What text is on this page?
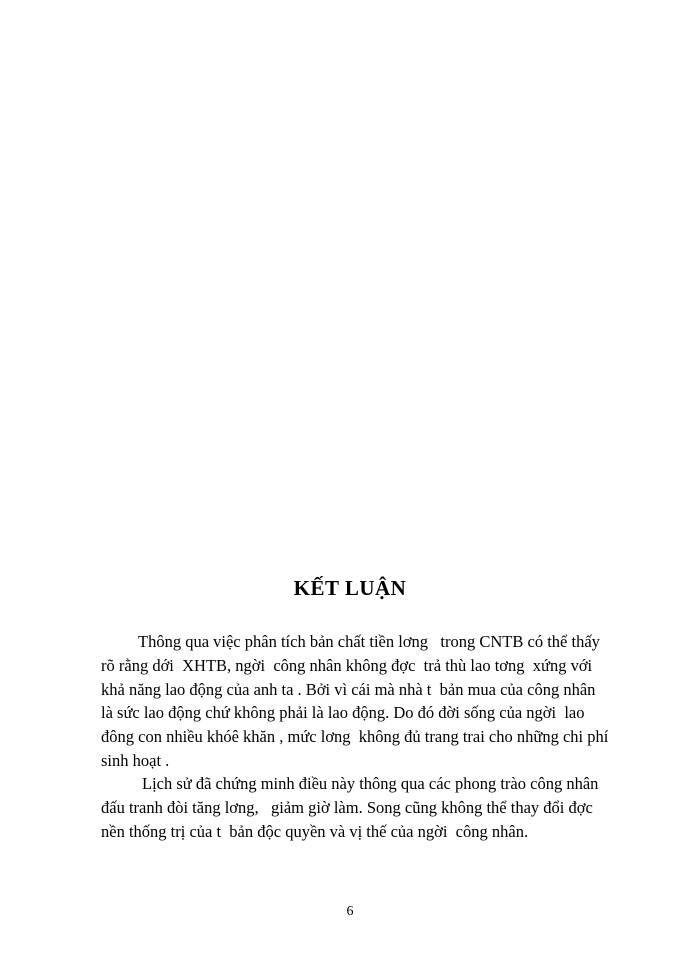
KẾT LUẬN
Thông qua việc phân tích bản chất tiền lơng   trong CNTB có thể thấy
rõ rằng dới  XHTB, ngời  công nhân không đợc  trả thù lao tơng  xứng với
khả năng lao động của anh ta . Bởi vì cái mà nhà t  bản mua của công nhân
là sức lao động chứ không phải là lao động. Do đó đời sống của ngời  lao
đông con nhiều khóê khăn , mức lơng  không đủ trang trai cho những chi phí
sinh hoạt .
Lịch sử đã chứng minh điều này thông qua các phong trào công nhân
đấu tranh đòi tăng lơng,   giảm giờ làm. Song cũng không thể thay đổi đợc
nền thống trị của t  bản độc quyền và vị thế của ngời  công nhân.
6
